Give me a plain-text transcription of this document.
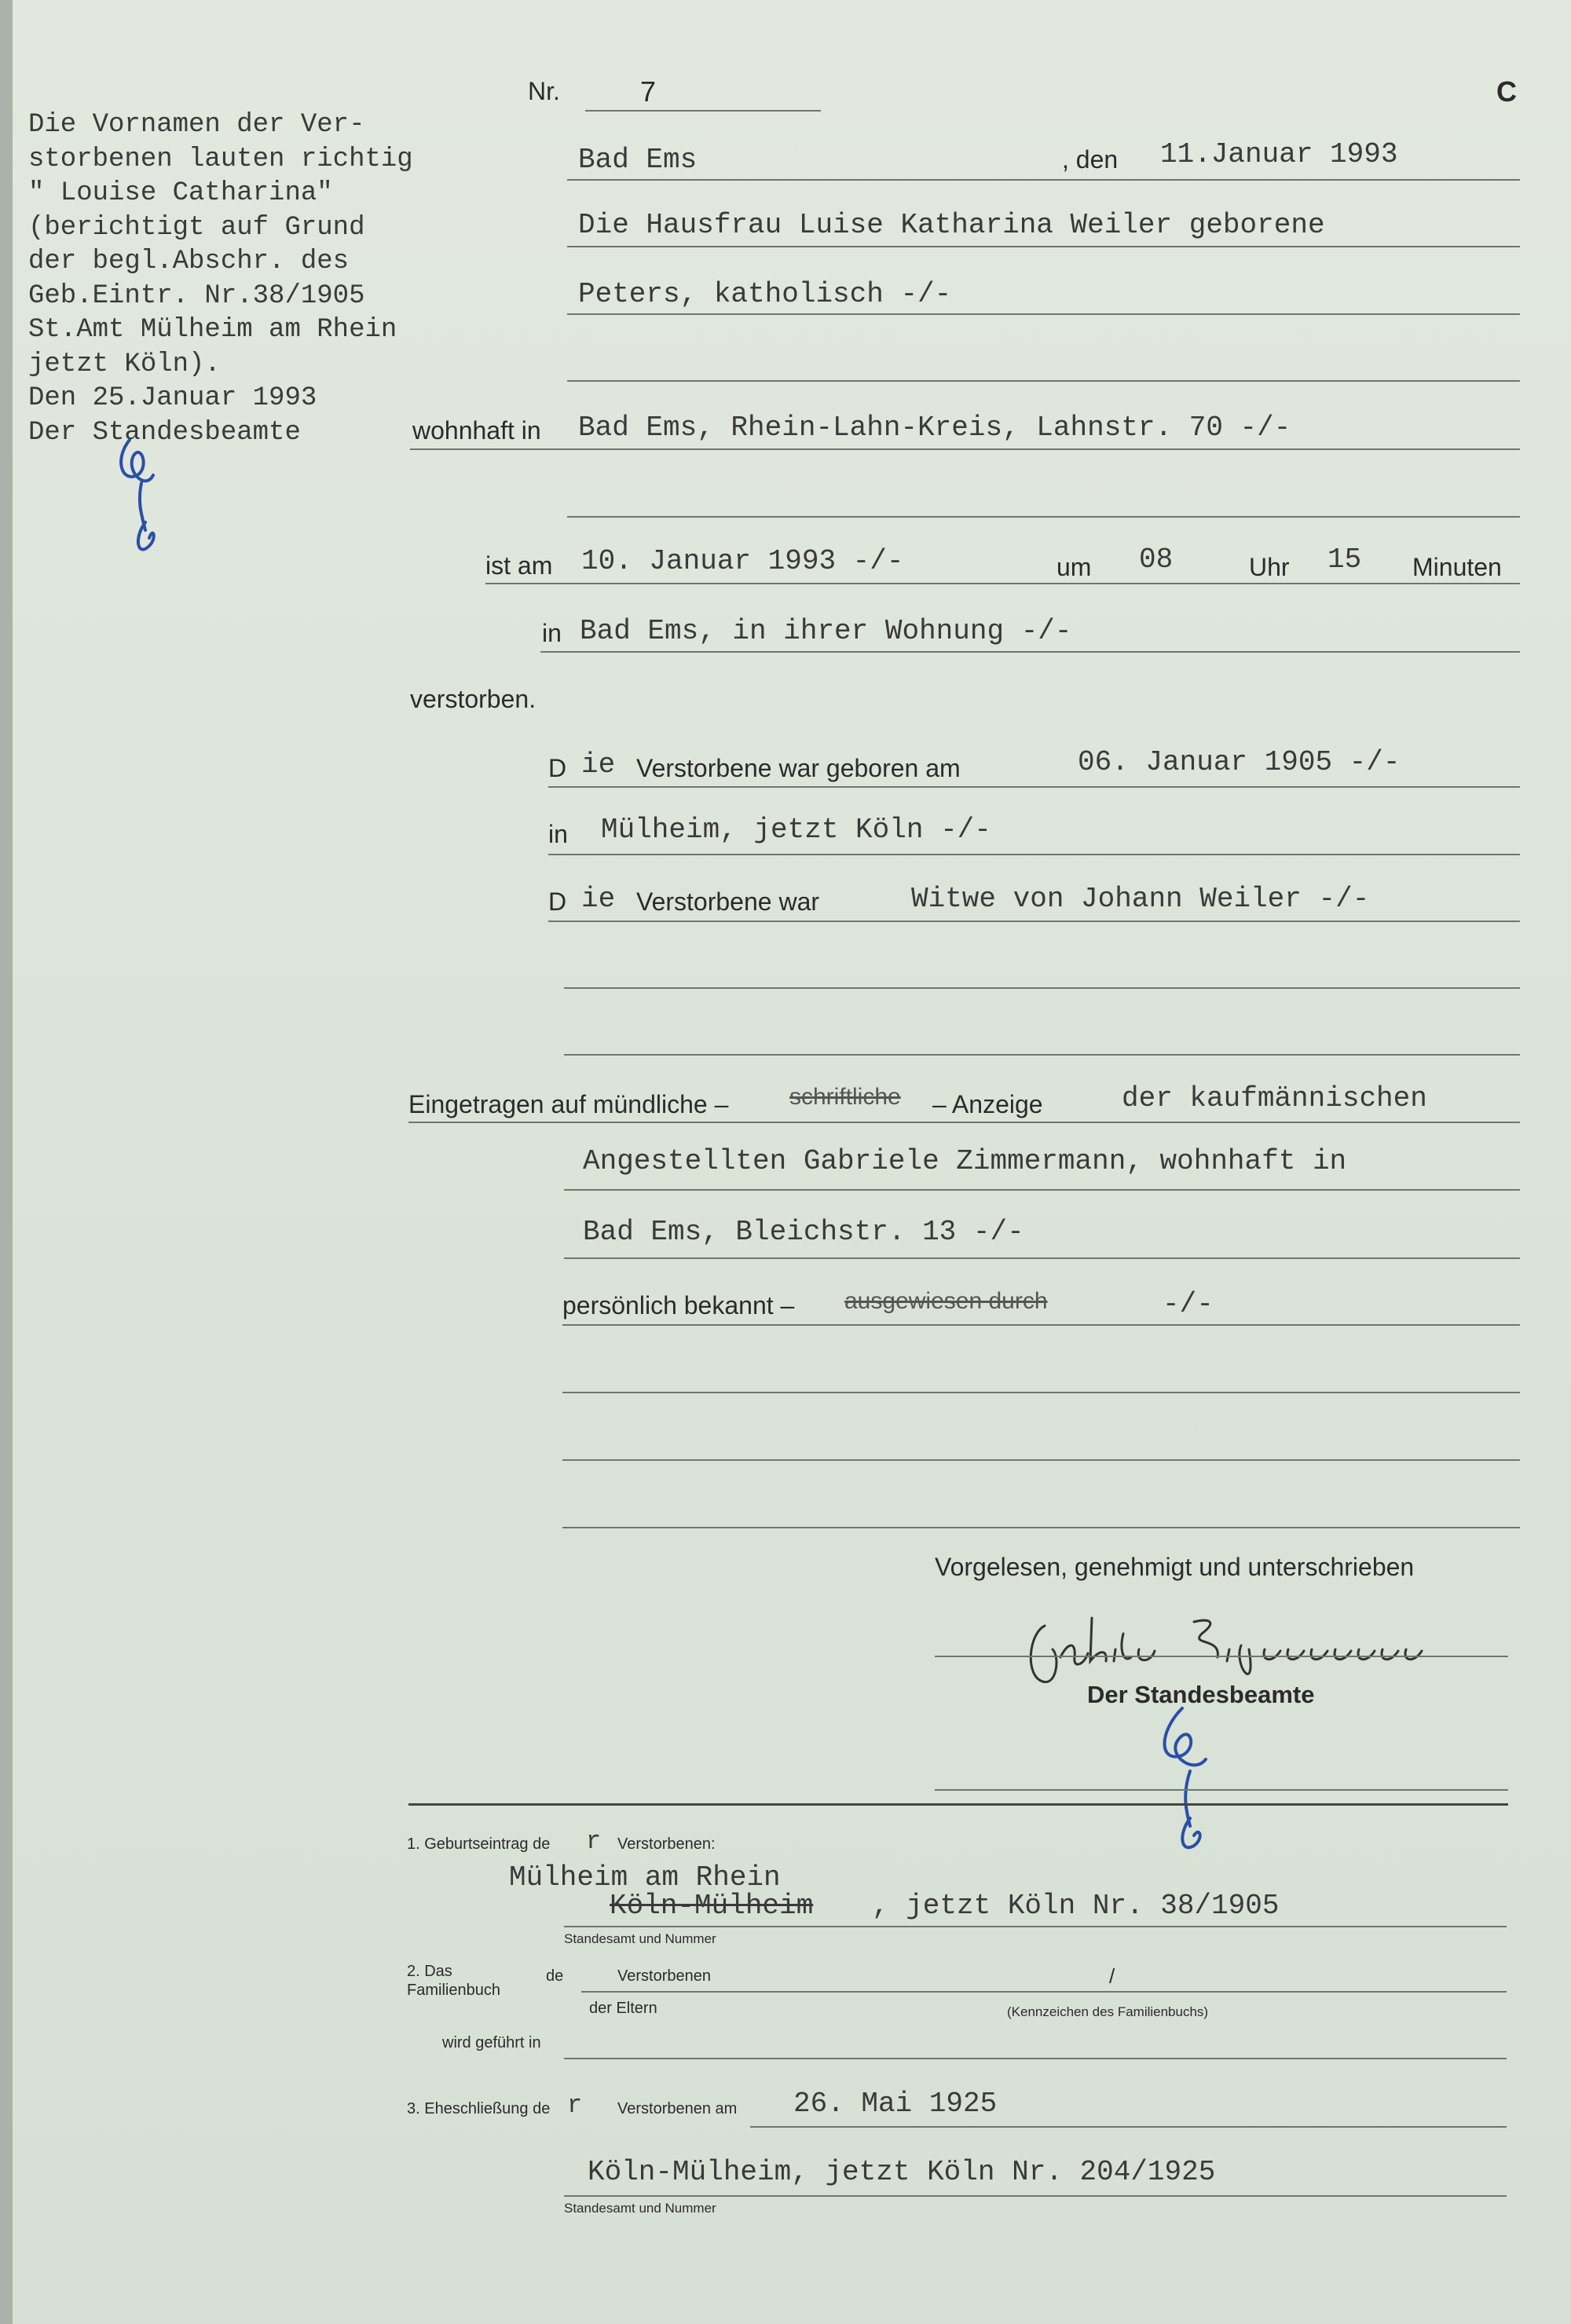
Die Vornamen der Ver-
storbenen lauten richtig
" Louise Catharina"
(berichtigt auf Grund
der begl.Abschr. des
Geb.Eintr. Nr.38/1905
St.Amt Mülheim am Rhein
jetzt Köln).
Den 25.Januar 1993
Der Standesbeamte
Nr.	7	C
Bad Ems	, den 11.Januar 1993
Die Hausfrau Luise Katharina Weiler geborene
Peters, katholisch -/-
wohnhaft in Bad Ems, Rhein-Lahn-Kreis, Lahnstr. 70 -/-
ist am 10. Januar 1993 -/-	um 08	Uhr 15 Minuten
in Bad Ems, in ihrer Wohnung -/-
verstorben.
D ie Verstorbene war geboren am	06. Januar 1905 -/-
in Mülheim, jetzt Köln -/-
D ie Verstorbene war	Witwe von Johann Weiler -/-
Eingetragen auf mündliche –	schriftliche – Anzeige	der kaufmännischen
Angestellten Gabriele Zimmermann, wohnhaft in
Bad Ems, Bleichstr. 13 -/-
persönlich bekannt – ausgewiesen durch	-/-
Vorgelesen, genehmigt und unterschrieben
Der Standesbeamte
1. Geburtseintrag de r Verstorbenen:
Mülheim am Rhein
Köln-Mülheim , jetzt Köln Nr. 38/1905
Standesamt und Nummer
2. Das Familienbuch
de	Verstorbenen
der Eltern
/
(Kennzeichen des Familienbuchs)
wird geführt in
3. Eheschließung de r Verstorbenen am 26. Mai 1925
Köln-Mülheim, jetzt Köln Nr. 204/1925
Standesamt und Nummer
